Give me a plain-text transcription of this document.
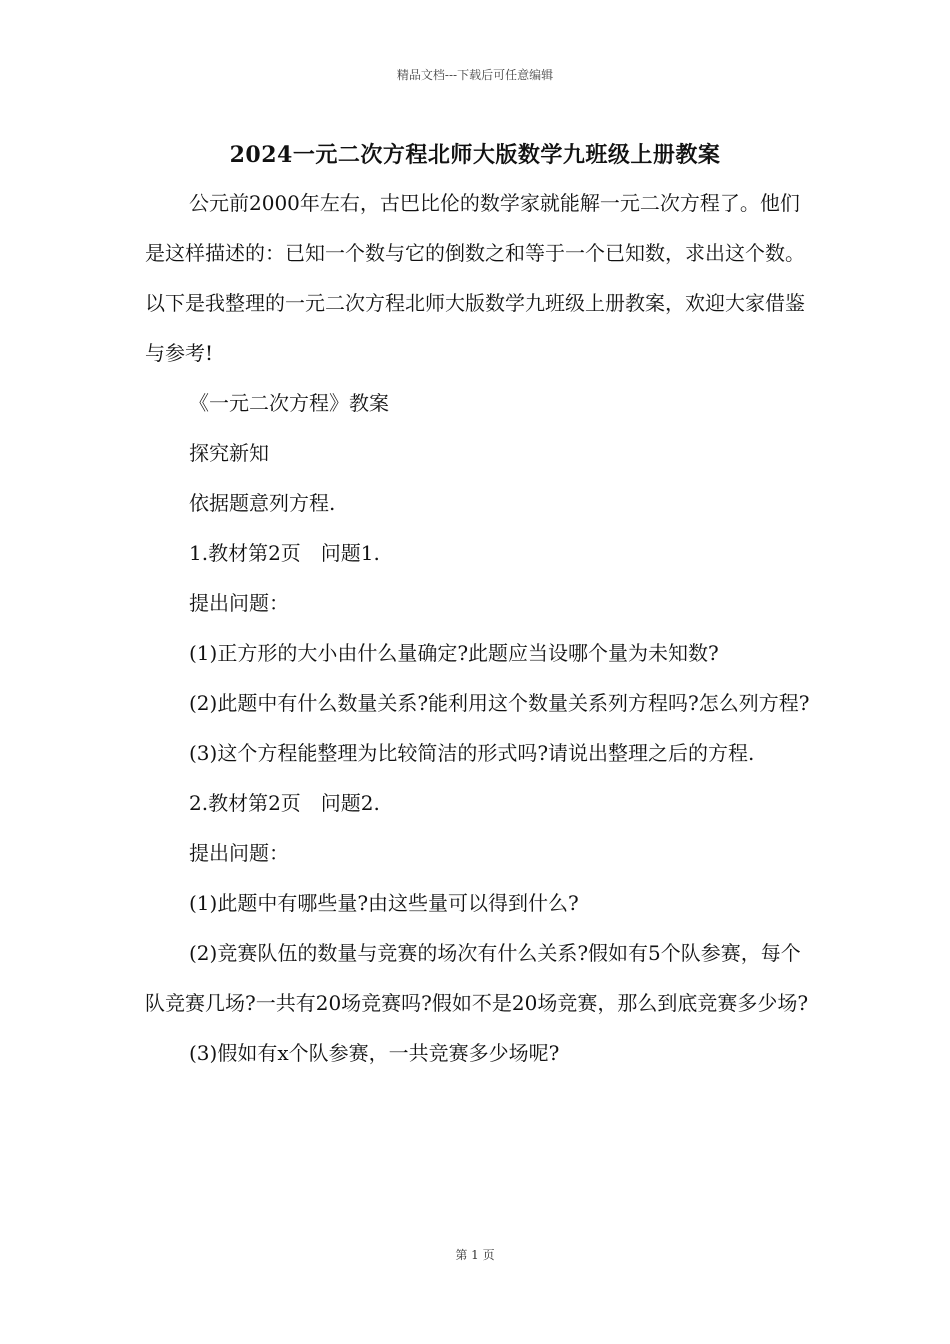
精品文档---下载后可任意编辑
2024一元二次方程北师大版数学九班级上册教案

公元前2000年左右，古巴比伦的数学家就能解一元二次方程了。他们是这样描述的：已知一个数与它的倒数之和等于一个已知数，求出这个数。以下是我整理的一元二次方程北师大版数学九班级上册教案，欢迎大家借鉴与参考!

《一元二次方程》教案

探究新知

依据题意列方程.

1.教材第2页　问题1.

提出问题：

(1)正方形的大小由什么量确定?此题应当设哪个量为未知数?

(2)此题中有什么数量关系?能利用这个数量关系列方程吗?怎么列方程?

(3)这个方程能整理为比较简洁的形式吗?请说出整理之后的方程.

2.教材第2页　问题2.

提出问题：

(1)此题中有哪些量?由这些量可以得到什么?

(2)竞赛队伍的数量与竞赛的场次有什么关系?假如有5个队参赛，每个队竞赛几场?一共有20场竞赛吗?假如不是20场竞赛，那么到底竞赛多少场?

(3)假如有x个队参赛，一共竞赛多少场呢?

第 1 页
